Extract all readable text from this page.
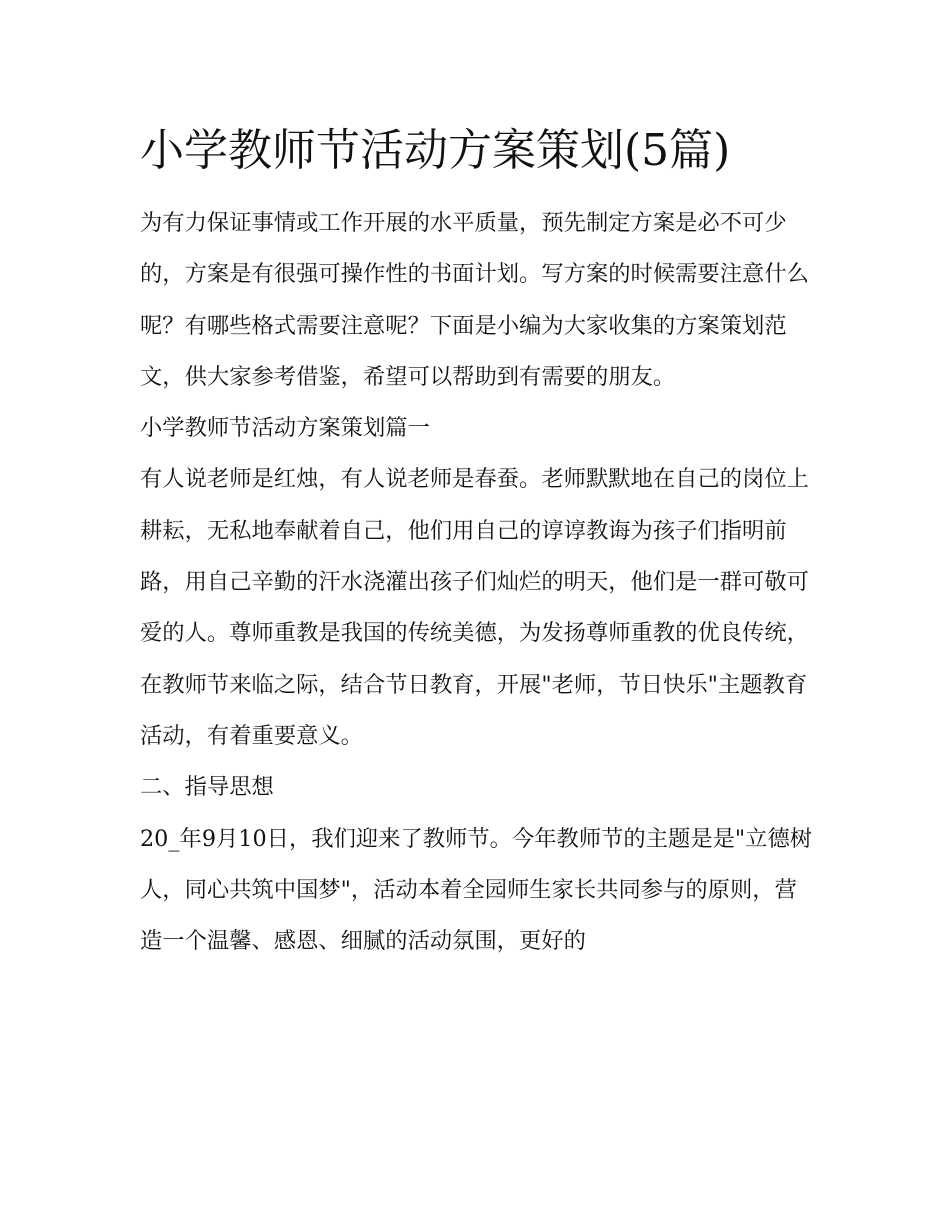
小学教师节活动方案策划(5篇)

为有力保证事情或工作开展的水平质量，预先制定方案是必不可少的，方案是有很强可操作性的书面计划。写方案的时候需要注意什么呢？有哪些格式需要注意呢？下面是小编为大家收集的方案策划范文，供大家参考借鉴，希望可以帮助到有需要的朋友。

小学教师节活动方案策划篇一

有人说老师是红烛，有人说老师是春蚕。老师默默地在自己的岗位上耕耘，无私地奉献着自己，他们用自己的谆谆教诲为孩子们指明前路，用自己辛勤的汗水浇灌出孩子们灿烂的明天，他们是一群可敬可爱的人。尊师重教是我国的传统美德，为发扬尊师重教的优良传统，在教师节来临之际，结合节日教育，开展"老师，节日快乐"主题教育活动，有着重要意义。

二、指导思想

20_年9月10日，我们迎来了教师节。今年教师节的主题是是"立德树人，同心共筑中国梦"，活动本着全园师生家长共同参与的原则，营造一个温馨、感恩、细腻的活动氛围，更好的
